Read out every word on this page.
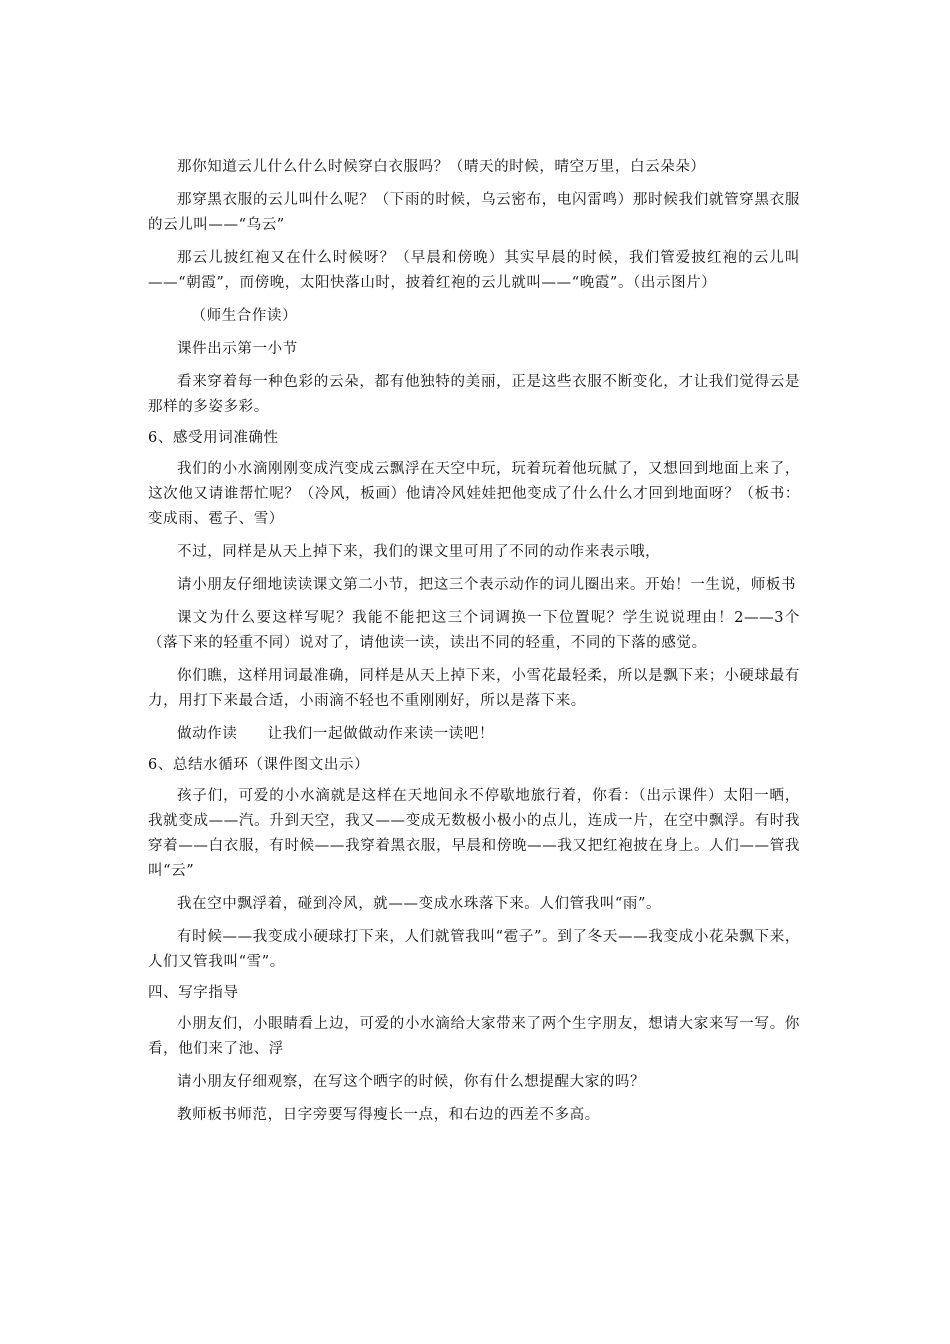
那你知道云儿什么什么时候穿白衣服吗？（晴天的时候，晴空万里，白云朵朵）

那穿黑衣服的云儿叫什么呢？（下雨的时候，乌云密布，电闪雷鸣）那时候我们就管穿黑衣服的云儿叫——“乌云”

那云儿披红袍又在什么时候呀？（早晨和傍晚）其实早晨的时候，我们管爱披红袍的云儿叫——“朝霞”，而傍晚，太阳快落山时，披着红袍的云儿就叫——“晚霞”。（出示图片）

（师生合作读）

课件出示第一小节

看来穿着每一种色彩的云朵，都有他独特的美丽，正是这些衣服不断变化，才让我们觉得云是那样的多姿多彩。

6、感受用词准确性

我们的小水滴刚刚变成汽变成云飘浮在天空中玩，玩着玩着他玩腻了，又想回到地面上来了，这次他又请谁帮忙呢？（冷风，板画）他请冷风娃娃把他变成了什么什么才回到地面呀？（板书：变成雨、雹子、雪）

不过，同样是从天上掉下来，我们的课文里可用了不同的动作来表示哦，

请小朋友仔细地读读课文第二小节，把这三个表示动作的词儿圈出来。开始！一生说，师板书

课文为什么要这样写呢？我能不能把这三个词调换一下位置呢？学生说说理由！2——3个（落下来的轻重不同）说对了，请他读一读，读出不同的轻重，不同的下落的感觉。

你们瞧，这样用词最准确，同样是从天上掉下来，小雪花最轻柔，所以是飘下来；小硬球最有力，用打下来最合适，小雨滴不轻也不重刚刚好，所以是落下来。

做动作读　　让我们一起做做动作来读一读吧！

6、总结水循环（课件图文出示）

孩子们，可爱的小水滴就是这样在天地间永不停歇地旅行着，你看：（出示课件）太阳一晒，我就变成——汽。升到天空，我又——变成无数极小极小的点儿，连成一片，在空中飘浮。有时我穿着——白衣服，有时候——我穿着黑衣服，早晨和傍晚——我又把红袍披在身上。人们——管我叫“云”

我在空中飘浮着，碰到冷风，就——变成水珠落下来。人们管我叫“雨”。

有时候——我变成小硬球打下来，人们就管我叫“雹子”。到了冬天——我变成小花朵飘下来，人们又管我叫“雪”。

四、写字指导

小朋友们，小眼睛看上边，可爱的小水滴给大家带来了两个生字朋友，想请大家来写一写。你看，他们来了池、浮

请小朋友仔细观察，在写这个晒字的时候，你有什么想提醒大家的吗？

教师板书师范，日字旁要写得瘦长一点，和右边的西差不多高。
